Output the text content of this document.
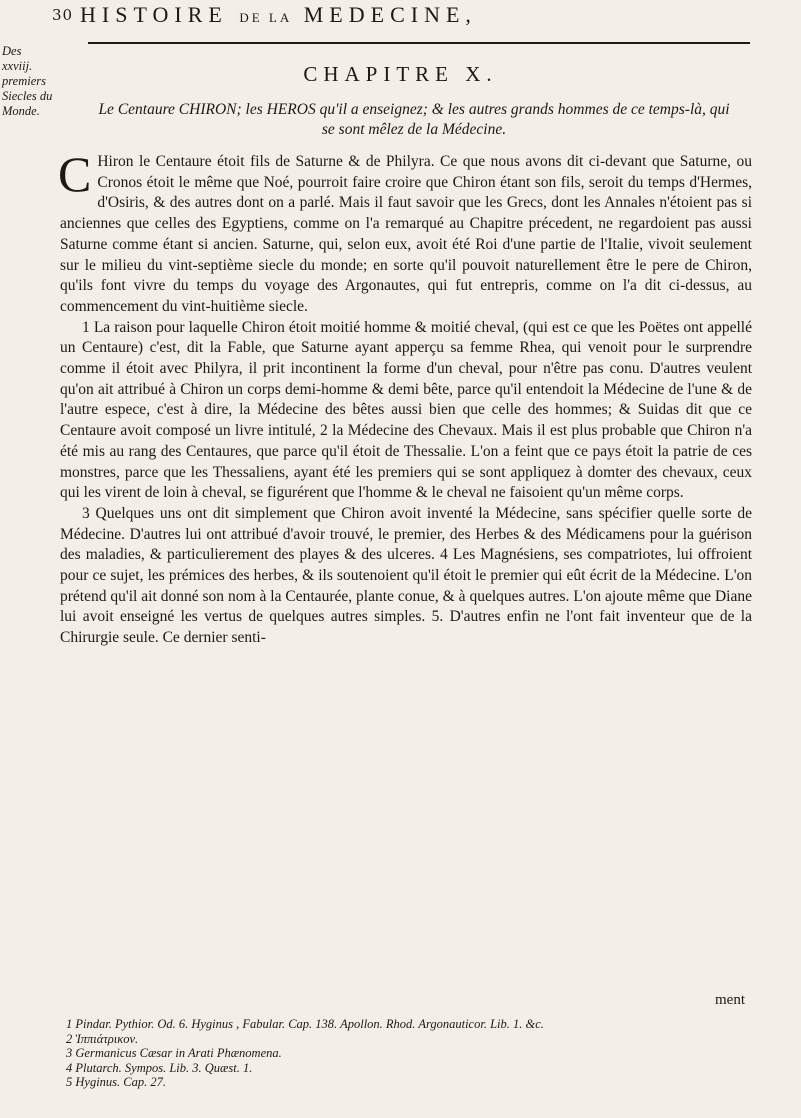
30 HISTOIRE DE LA MEDECINE,
Des
xxviij.
premiers
Siecles du
Monde.
CHAPITRE X.
Le Centaure CHIRON; les HEROS qu'il a enseignez; & les autres grands hommes de ce temps-là, qui se sont mêlez de la Médecine.

C Hiron le Centaure étoit fils de Saturne & de Philyra. Ce que nous avons dit ci-devant que Saturne, ou Cronos étoit le même que Noé, pourroit faire croire que Chiron étant son fils, seroit du temps d'Hermes, d'Osiris, & des autres dont on a parlé. Mais il faut savoir que les Grecs, dont les Annales n'étoient pas si anciennes que celles des Egyptiens, comme on l'a remarqué au Chapitre précedent, ne regardoient pas aussi Saturne comme étant si ancien. Saturne, qui, selon eux, avoit été Roi d'une partie de l'Italie, vivoit seulement sur le milieu du vint-septième siecle du monde; en sorte qu'il pouvoit naturellement être le pere de Chiron, qu'ils font vivre du temps du voyage des Argonautes, qui fut entrepris, comme on l'a dit ci-dessus, au commencement du vint-huitième siecle.

1 La raison pour laquelle Chiron étoit moitié homme & moitié cheval, (qui est ce que les Poëtes ont appellé un Centaure) c'est, dit la Fable, que Saturne ayant apperçu sa femme Rhea, qui venoit pour le surprendre comme il étoit avec Philyra, il prit incontinent la forme d'un cheval, pour n'être pas conu. D'autres veulent qu'on ait attribué à Chiron un corps demi-homme & demi bête, parce qu'il entendoit la Médecine de l'une & de l'autre espece, c'est à dire, la Médecine des bêtes aussi bien que celle des hommes; & Suidas dit que ce Centaure avoit composé un livre intitulé, 2 la Médecine des Chevaux. Mais il est plus probable que Chiron n'a été mis au rang des Centaures, que parce qu'il étoit de Thessalie. L'on a feint que ce pays étoit la patrie de ces monstres, parce que les Thessaliens, ayant été les premiers qui se sont appliquez à domter des chevaux, ceux qui les virent de loin à cheval, se figurérent que l'homme & le cheval ne faisoient qu'un même corps.

3 Quelques uns ont dit simplement que Chiron avoit inventé la Médecine, sans spécifier quelle sorte de Médecine. D'autres lui ont attribué d'avoir trouvé, le premier, des Herbes & des Médicamens pour la guérison des maladies, & particulierement des playes & des ulceres. 4 Les Magnésiens, ses compatriotes, lui offroient pour ce sujet, les prémices des herbes, & ils soutenoient qu'il étoit le premier qui eût écrit de la Médecine. L'on prétend qu'il ait donné son nom à la Centaurée, plante conue, & à quelques autres. L'on ajoute même que Diane lui avoit enseigné les vertus de quelques autres simples. 5. D'autres enfin ne l'ont fait inventeur que de la Chirurgie seule. Ce dernier senti-

ment
1 Pindar. Pythior. Od. 6. Hyginus , Fabular. Cap. 138. Apollon. Rhod. Argonauticor. Lib. 1. &c.
2 Ἱππιάτρικον.
3 Germanicus Cæsar in Arati Phænomena.
4 Plutarch. Sympos. Lib. 3. Quæst. 1.
5 Hyginus. Cap. 27.
